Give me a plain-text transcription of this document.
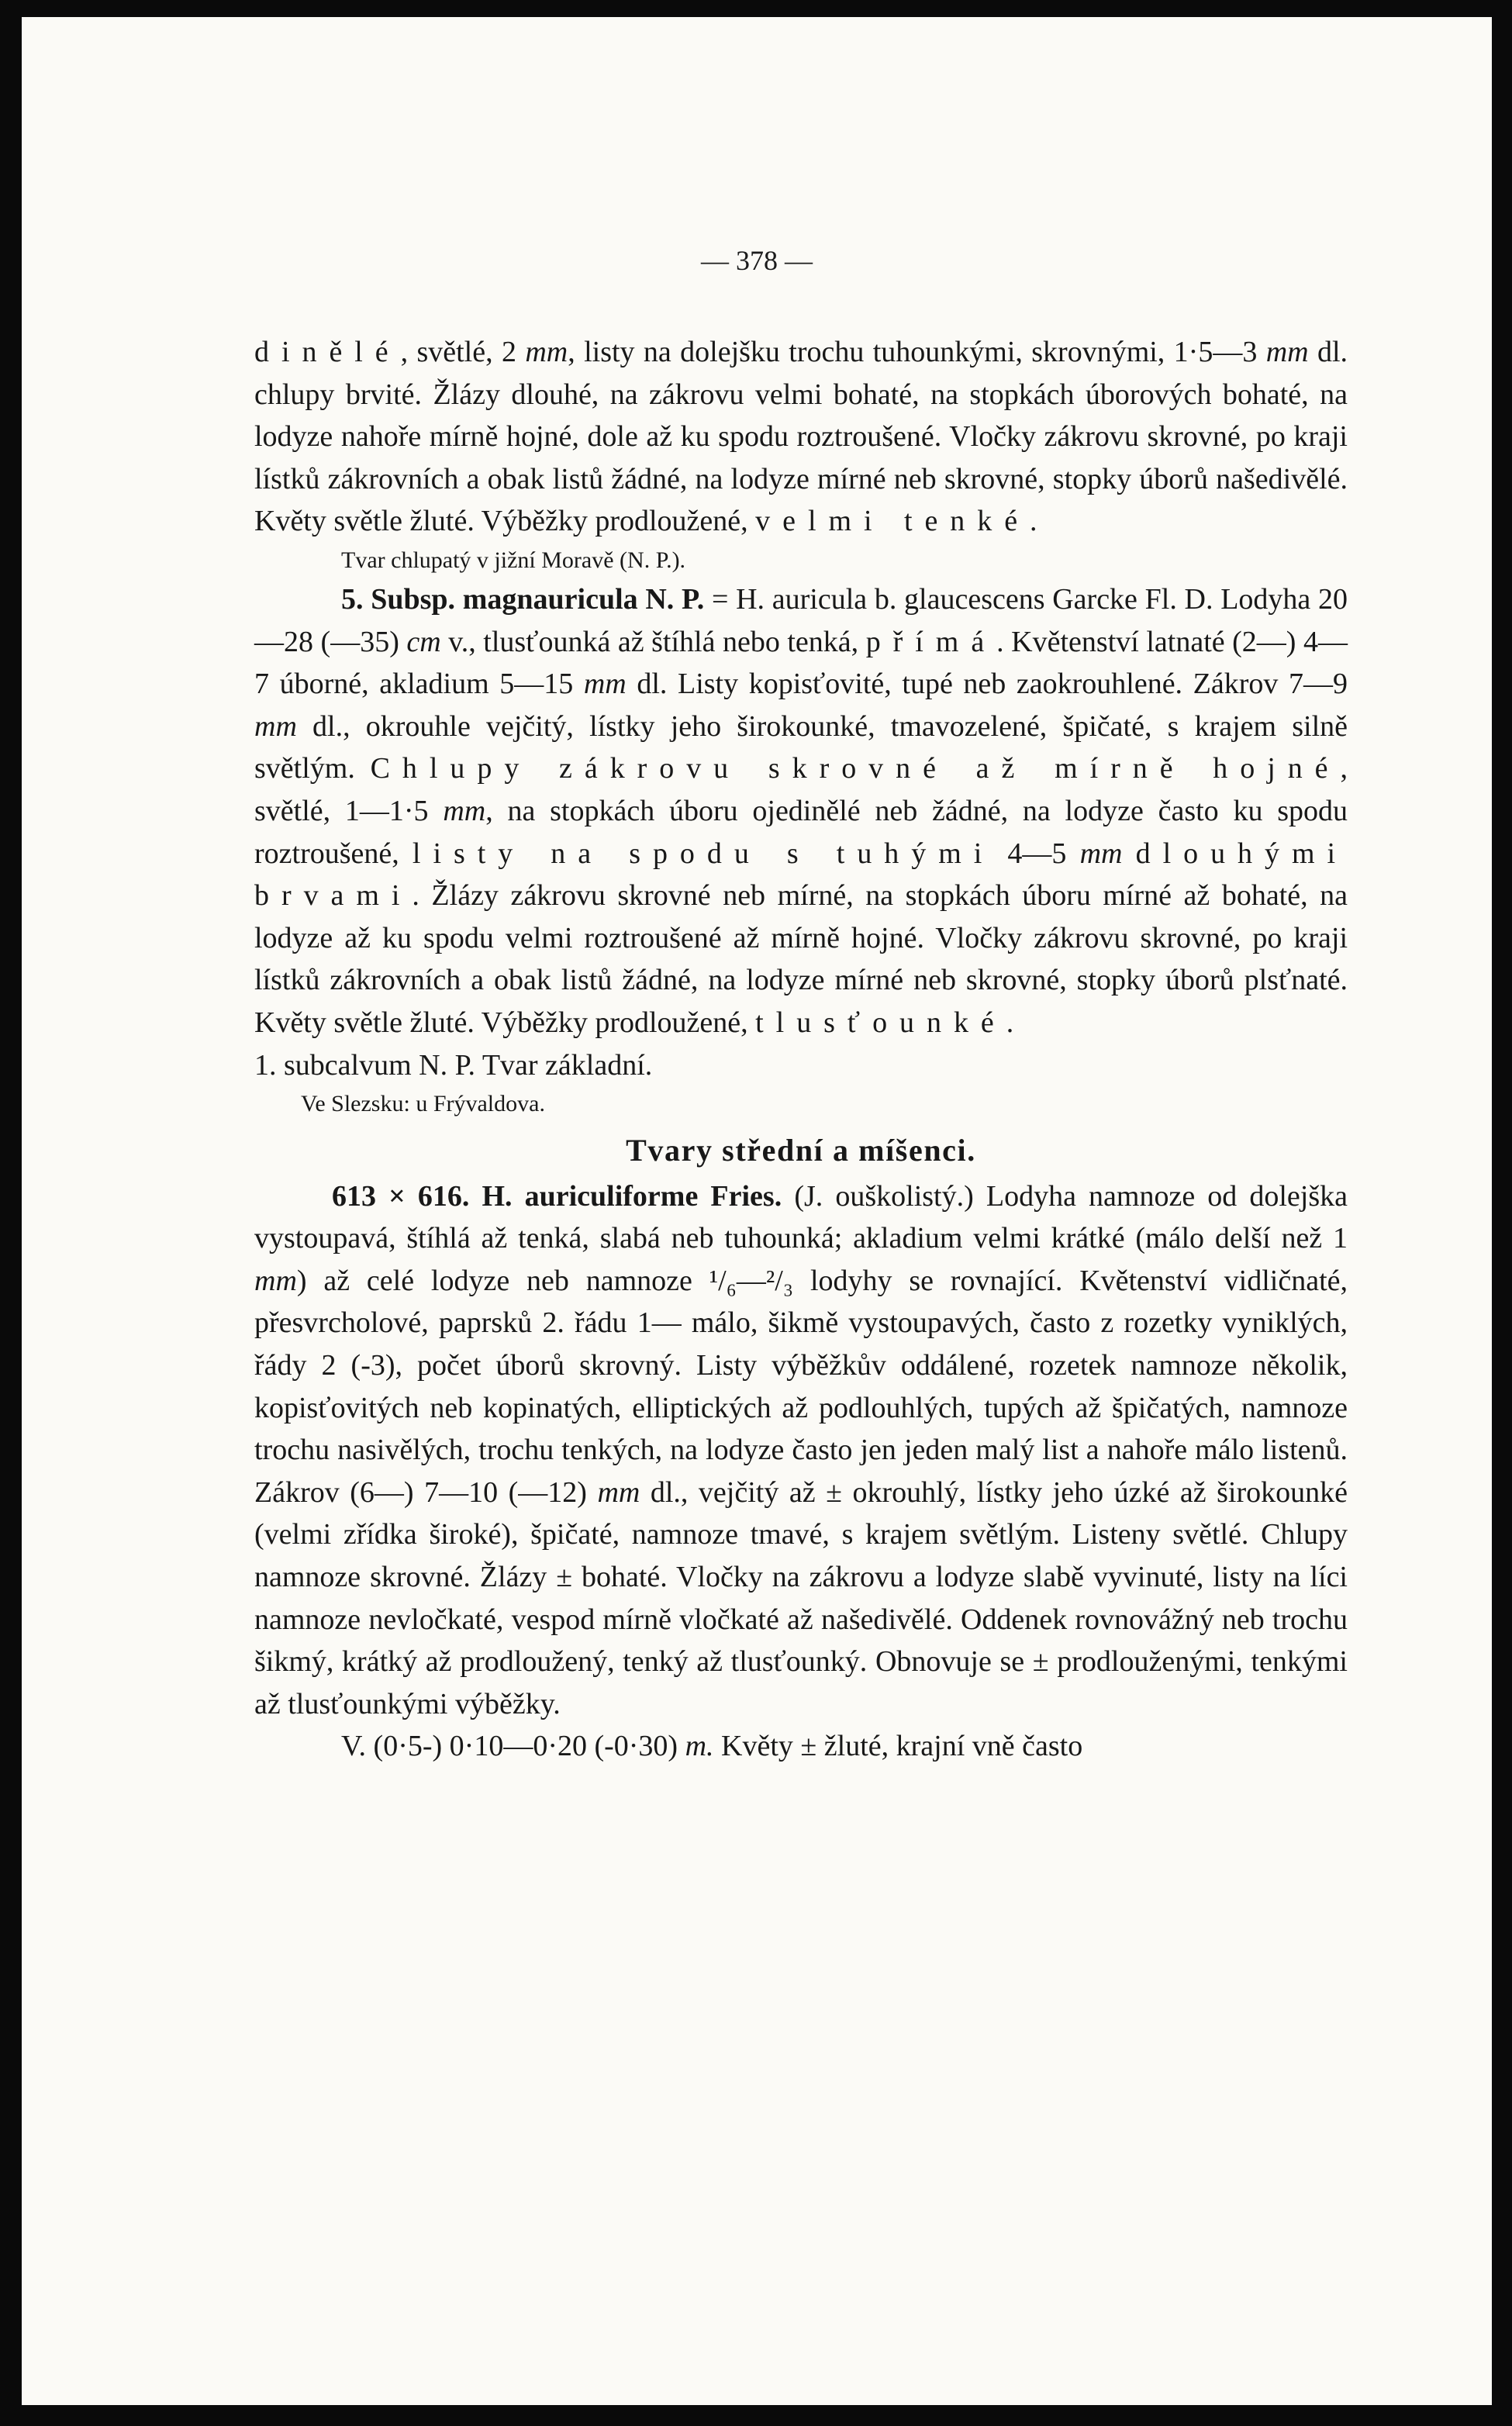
— 378 —

dinělé, světlé, 2 mm, listy na dolejšku trochu tuhounkými, skrovnými, 1·5—3 mm dl. chlupy brvité. Žlázy dlouhé, na zákrovu velmi bohaté, na stopkách úborových bohaté, na lodyze nahoře mírně hojné, dole až ku spodu roztroušené. Vločky zákrovu skrovné, po kraji lístků zákrovních a obak listů žádné, na lodyze mírné neb skrovné, stopky úborů našedivělé. Květy světle žluté. Výběžky prodloužené, velmi tenké.

Tvar chlupatý v jižní Moravě (N. P.).

5. Subsp. magnauricula N. P. = H. auricula b. glaucescens Garcke Fl. D. Lodyha 20—28 (—35) cm v., tlusťounká až štíhlá nebo tenká, přímá. Květenství latnaté (2—) 4—7 úborné, akladium 5—15 mm dl. Listy kopisťovité, tupé neb zaokrouhlené. Zákrov 7—9 mm dl., okrouhle vejčitý, lístky jeho širokounké, tmavozelené, špičaté, s krajem silně světlým. Chlupy zákrovu skrovné až mírně hojné, světlé, 1—1·5 mm, na stopkách úboru ojedinělé neb žádné, na lodyze často ku spodu roztroušené, listy na spodu s tuhými 4—5 mm dlouhými brvami. Žlázy zákrovu skrovné neb mírné, na stopkách úboru mírné až bohaté, na lodyze až ku spodu velmi roztroušené až mírně hojné. Vločky zákrovu skrovné, po kraji lístků zákrovních a obak listů žádné, na lodyze mírné neb skrovné, stopky úborů plsťnaté. Květy světle žluté. Výběžky prodloužené, tlusťounké.

1. subcalvum N. P. Tvar základní.

Ve Slezsku: u Frývaldova.

Tvary střední a míšenci.

613 × 616. H. auriculiforme Fries. (J. ouškolistý.) Lodyha namnoze od dolejška vystoupavá, štíhlá až tenká, slabá neb tuhounká; akladium velmi krátké (málo delší než 1 mm) až celé lodyze neb namnoze ¹/₆—²/₃ lodyhy se rovnající. Květenství vidličnaté, přesvrcholové, paprsků 2. řádu 1— málo, šikmě vystoupavých, často z rozetky vyniklých, řády 2 (-3), počet úborů skrovný. Listy výběžkův oddálené, rozetek namnoze několik, kopisťovitých neb kopinatých, elliptických až podlouhlých, tupých až špičatých, namnoze trochu nasivělých, trochu tenkých, na lodyze často jen jeden malý list a nahoře málo listenů. Zákrov (6—) 7—10 (—12) mm dl., vejčitý až ± okrouhlý, lístky jeho úzké až širokounké (velmi zřídka široké), špičaté, namnoze tmavé, s krajem světlým. Listeny světlé. Chlupy namnoze skrovné. Žlázy ± bohaté. Vločky na zákrovu a lodyze slabě vyvinuté, listy na líci namnoze nevločkaté, vespod mírně vločkaté až našedivělé. Oddenek rovnovážný neb trochu šikmý, krátký až prodloužený, tenký až tlusťounký. Obnovuje se ± prodlouženými, tenkými až tlusťounkými výběžky.

V. (0·5-) 0·10—0·20 (-0·30) m. Květy ± žluté, krajní vně často
